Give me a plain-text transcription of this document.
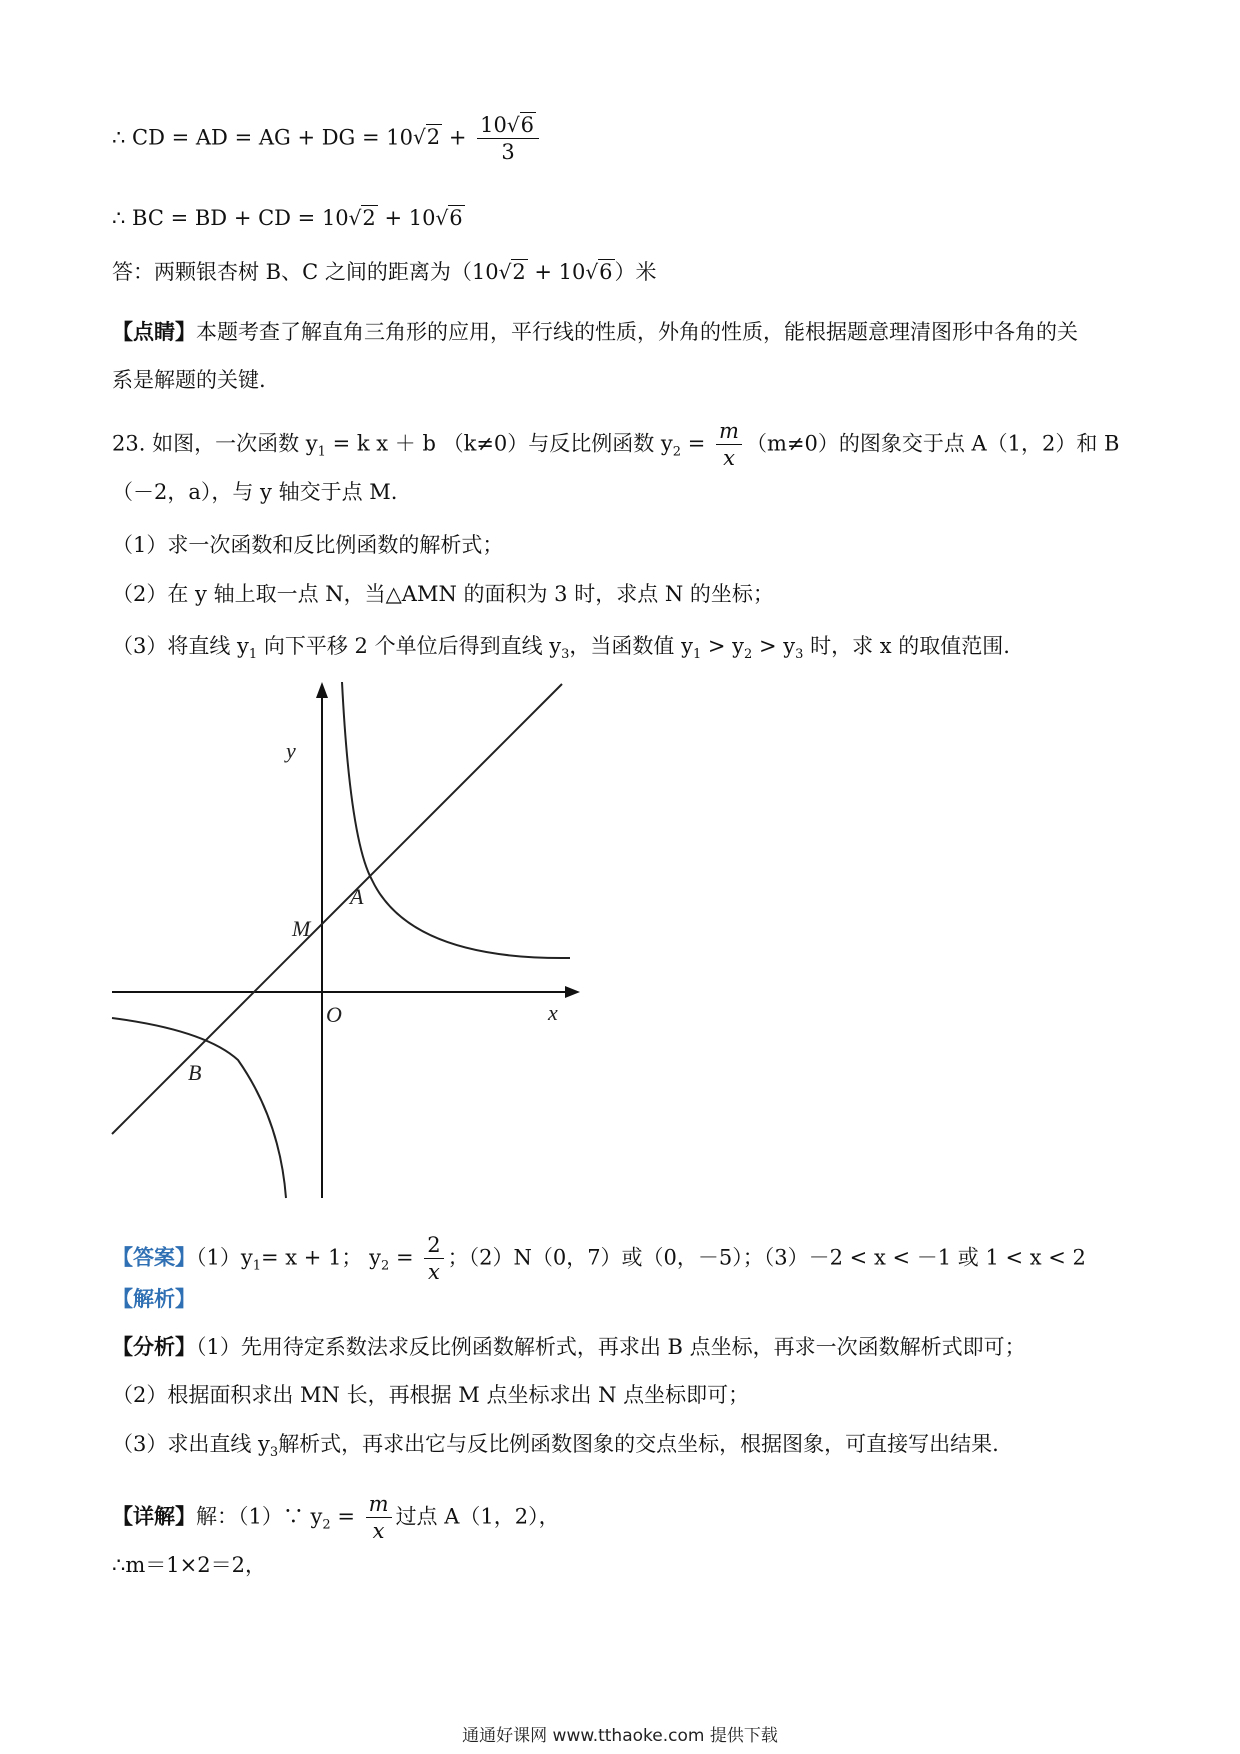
∴ CD = AD = AG + DG = $10√2 + \frac{10√6}{3}$
∴ BC = BD + CD = 10√2 + 10√6
答：两颗银杏树 B、C 之间的距离为（10√2 + 10√6）米
【点睛】本题考查了解直角三角形的应用，平行线的性质，外角的性质，能根据题意理清图形中各角的关
系是解题的关键.
23. 如图，一次函数 $y_1 = k$ x ＋ b （k≠0）与反比例函数 $y_2 = \frac{m}{x} (m\ne 0)$的图象交于点 A（1，2）和 B
（－2，a），与 y 轴交于点 M.
（1）求一次函数和反比例函数的解析式；
（2）在 y 轴上取一点 N，当△AMN 的面积为 3 时，求点 N 的坐标；
（3）将直线 $y_1$ 向下平移 2 个单位后得到直线 $y_3$，当函数值 $y_1 > y_2 > y_3$ 时，求 x 的取值范围.
y
x
O
A
M
B
【答案】$(1)y_1= x + 1$； $y_2 = \frac{2}{x}$ ；（2）N（0，7）或（0，－5）；（3）－2 < x < －1 或 1 < x < 2
【解析】
【分析】（1）先用待定系数法求反比例函数解析式，再求出 B 点坐标，再求一次函数解析式即可；
（2）根据面积求出 MN 长，再根据 M 点坐标求出 N 点坐标即可；
（3）求出直线 $y_3$解析式，再求出它与反比例函数图象的交点坐标，根据图象，可直接写出结果.
【详解】解：（1）∵ $y_2 = \frac{m}{x}$ 过点 A（1，2），
∴m＝1×2＝2，
通通好课网 www.tthaoke.com 提供下载
